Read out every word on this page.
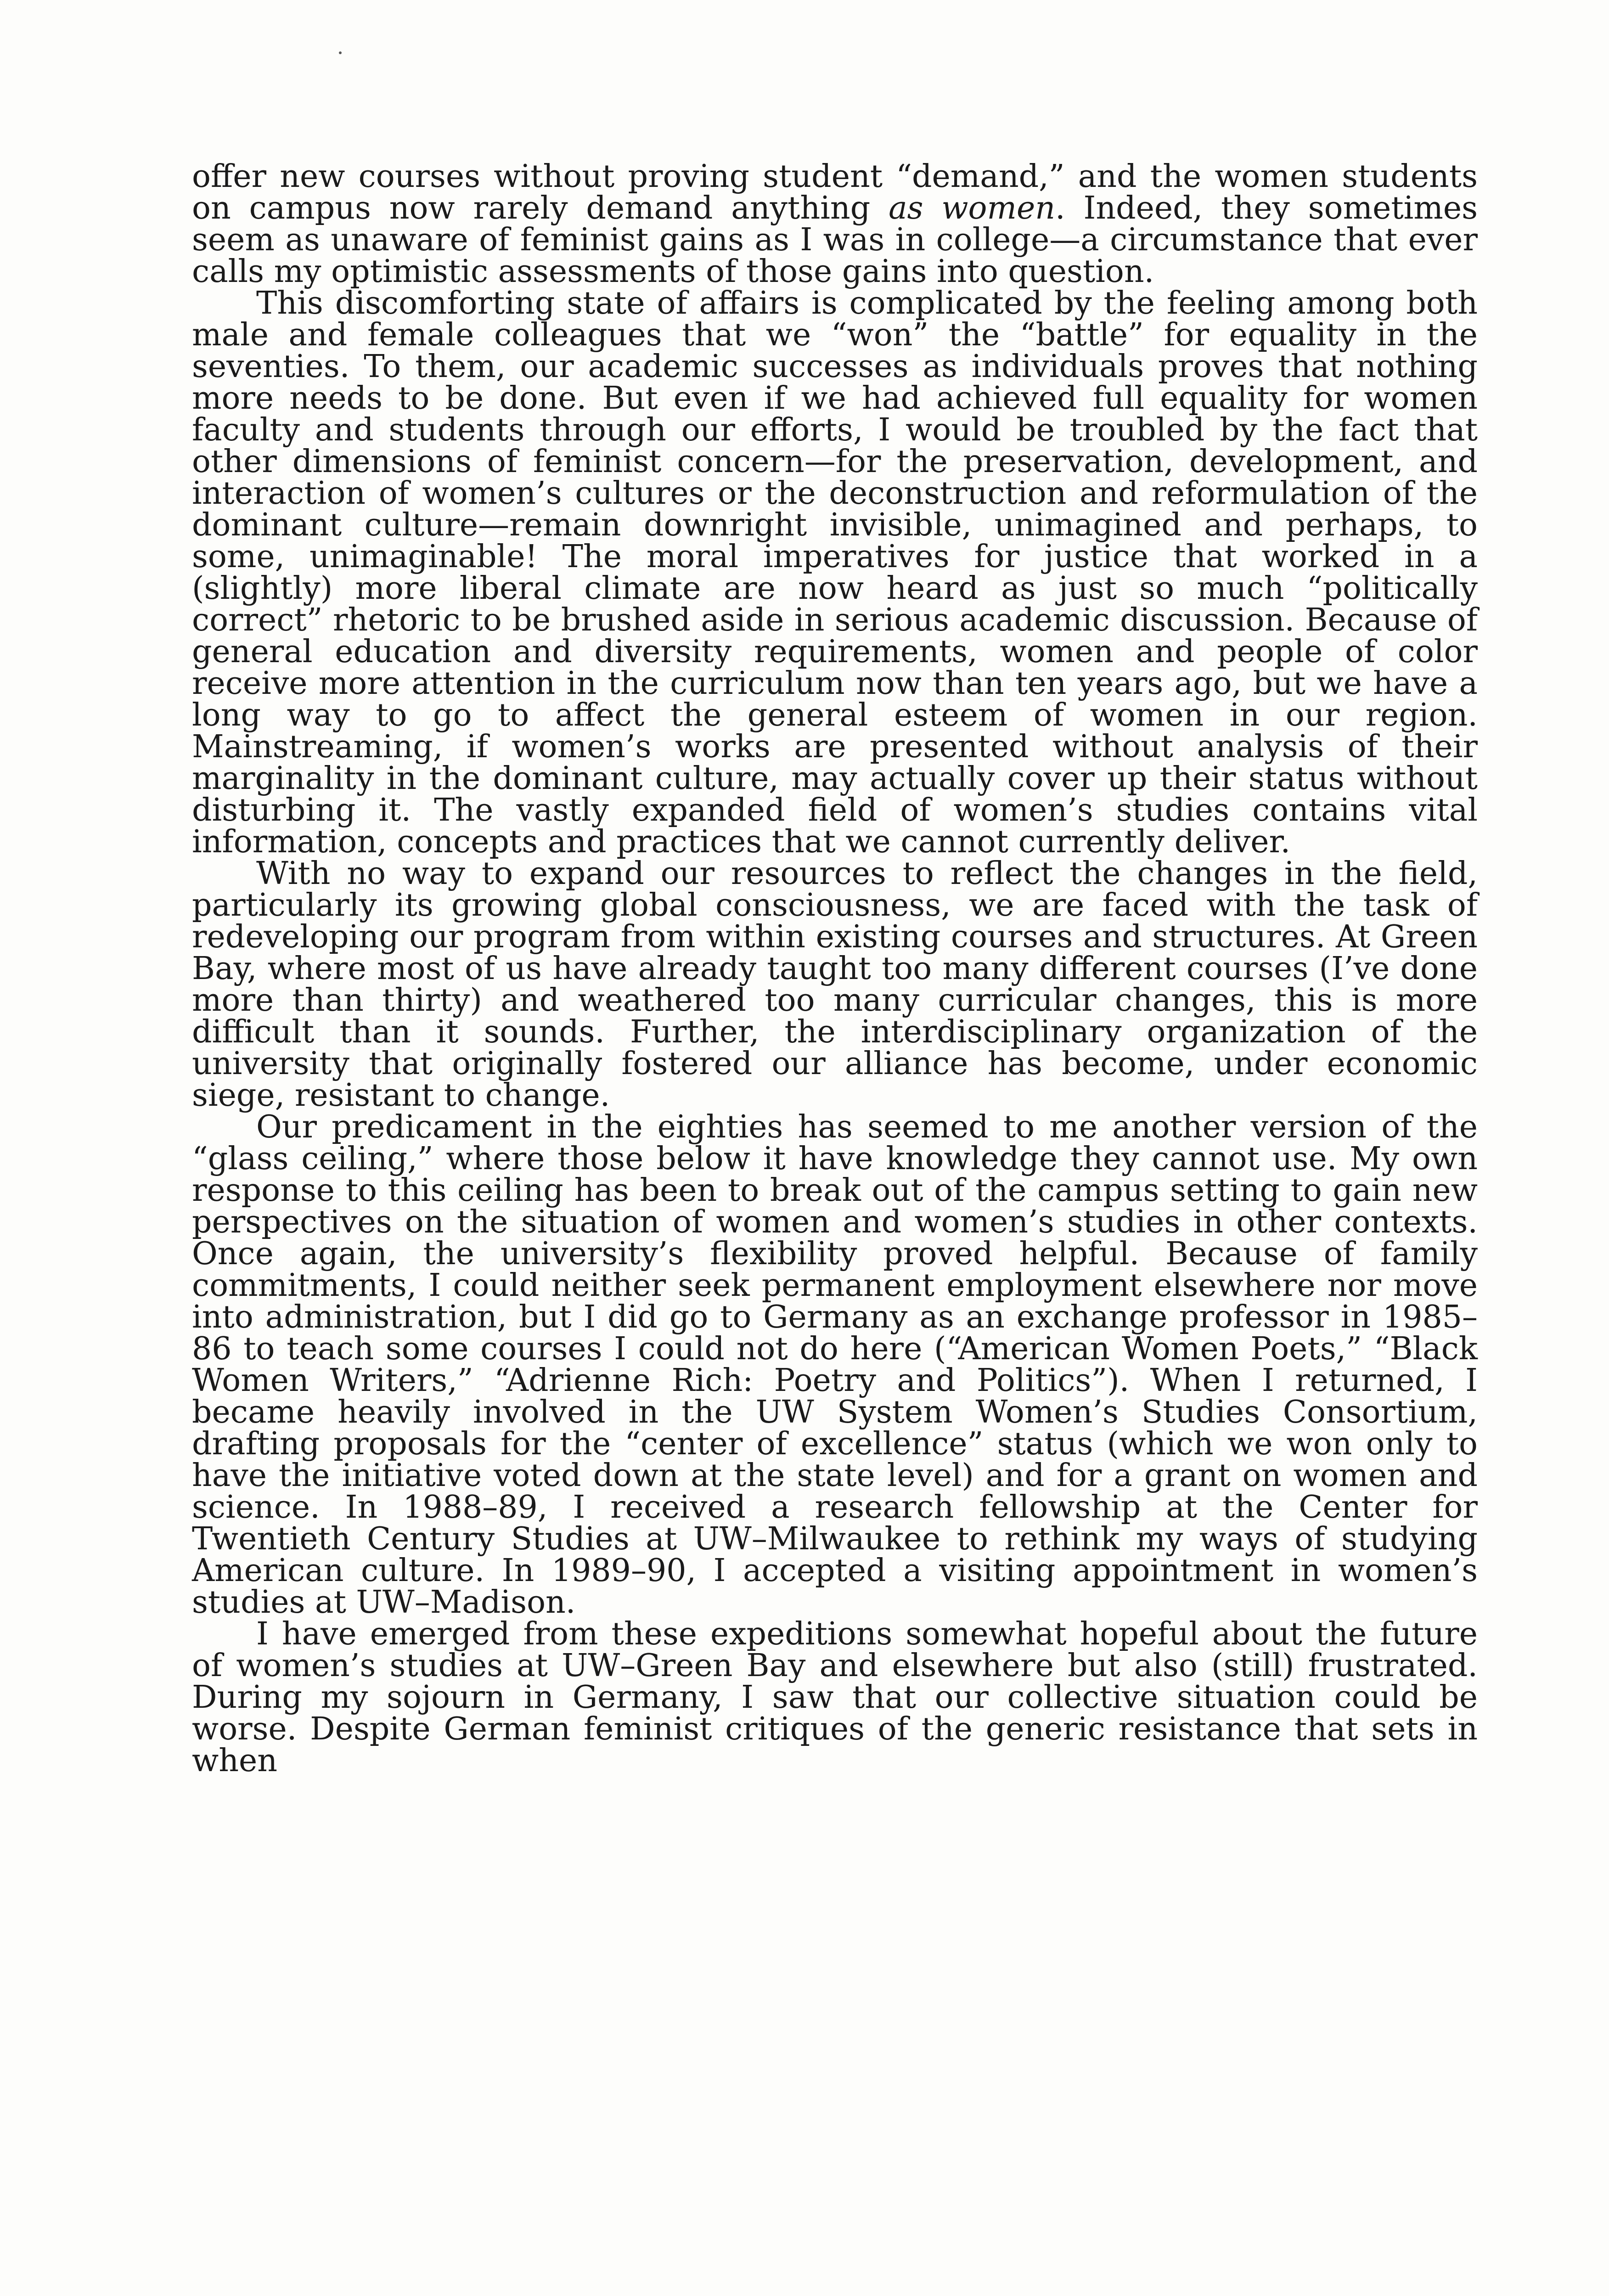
offer new courses without proving student “demand,” and the women students on campus now rarely demand anything as women. Indeed, they sometimes seem as unaware of feminist gains as I was in college—a circumstance that ever calls my optimistic assessments of those gains into question.

This discomforting state of affairs is complicated by the feeling among both male and female colleagues that we “won” the “battle” for equality in the seventies. To them, our academic successes as individuals proves that nothing more needs to be done. But even if we had achieved full equality for women faculty and students through our efforts, I would be troubled by the fact that other dimensions of feminist concern—for the preservation, development, and interaction of women’s cultures or the deconstruction and reformulation of the dominant culture—remain downright invisible, unimagined and perhaps, to some, unimaginable! The moral imperatives for justice that worked in a (slightly) more liberal climate are now heard as just so much “politically correct” rhetoric to be brushed aside in serious academic discussion. Because of general education and diversity requirements, women and people of color receive more attention in the curriculum now than ten years ago, but we have a long way to go to affect the general esteem of women in our region. Mainstreaming, if women’s works are presented without analysis of their marginality in the dominant culture, may actually cover up their status without disturbing it. The vastly expanded field of women’s studies contains vital information, concepts and practices that we cannot currently deliver.

With no way to expand our resources to reflect the changes in the field, particularly its growing global consciousness, we are faced with the task of redeveloping our program from within existing courses and structures. At Green Bay, where most of us have already taught too many different courses (I’ve done more than thirty) and weathered too many curricular changes, this is more difficult than it sounds. Further, the interdisciplinary organization of the university that originally fostered our alliance has become, under economic siege, resistant to change.

Our predicament in the eighties has seemed to me another version of the “glass ceiling,” where those below it have knowledge they cannot use. My own response to this ceiling has been to break out of the campus setting to gain new perspectives on the situation of women and women’s studies in other contexts. Once again, the university’s flexibility proved helpful. Because of family commitments, I could neither seek permanent employment elsewhere nor move into administration, but I did go to Germany as an exchange professor in 1985–86 to teach some courses I could not do here (“American Women Poets,” “Black Women Writers,” “Adrienne Rich: Poetry and Politics”). When I returned, I became heavily involved in the UW System Women’s Studies Consortium, drafting proposals for the “center of excellence” status (which we won only to have the initiative voted down at the state level) and for a grant on women and science. In 1988–89, I received a research fellowship at the Center for Twentieth Century Studies at UW–Milwaukee to rethink my ways of studying American culture. In 1989–90, I accepted a visiting appointment in women’s studies at UW–Madison.

I have emerged from these expeditions somewhat hopeful about the future of women’s studies at UW–Green Bay and elsewhere but also (still) frustrated. During my sojourn in Germany, I saw that our collective situation could be worse. Despite German feminist critiques of the generic resistance that sets in when
